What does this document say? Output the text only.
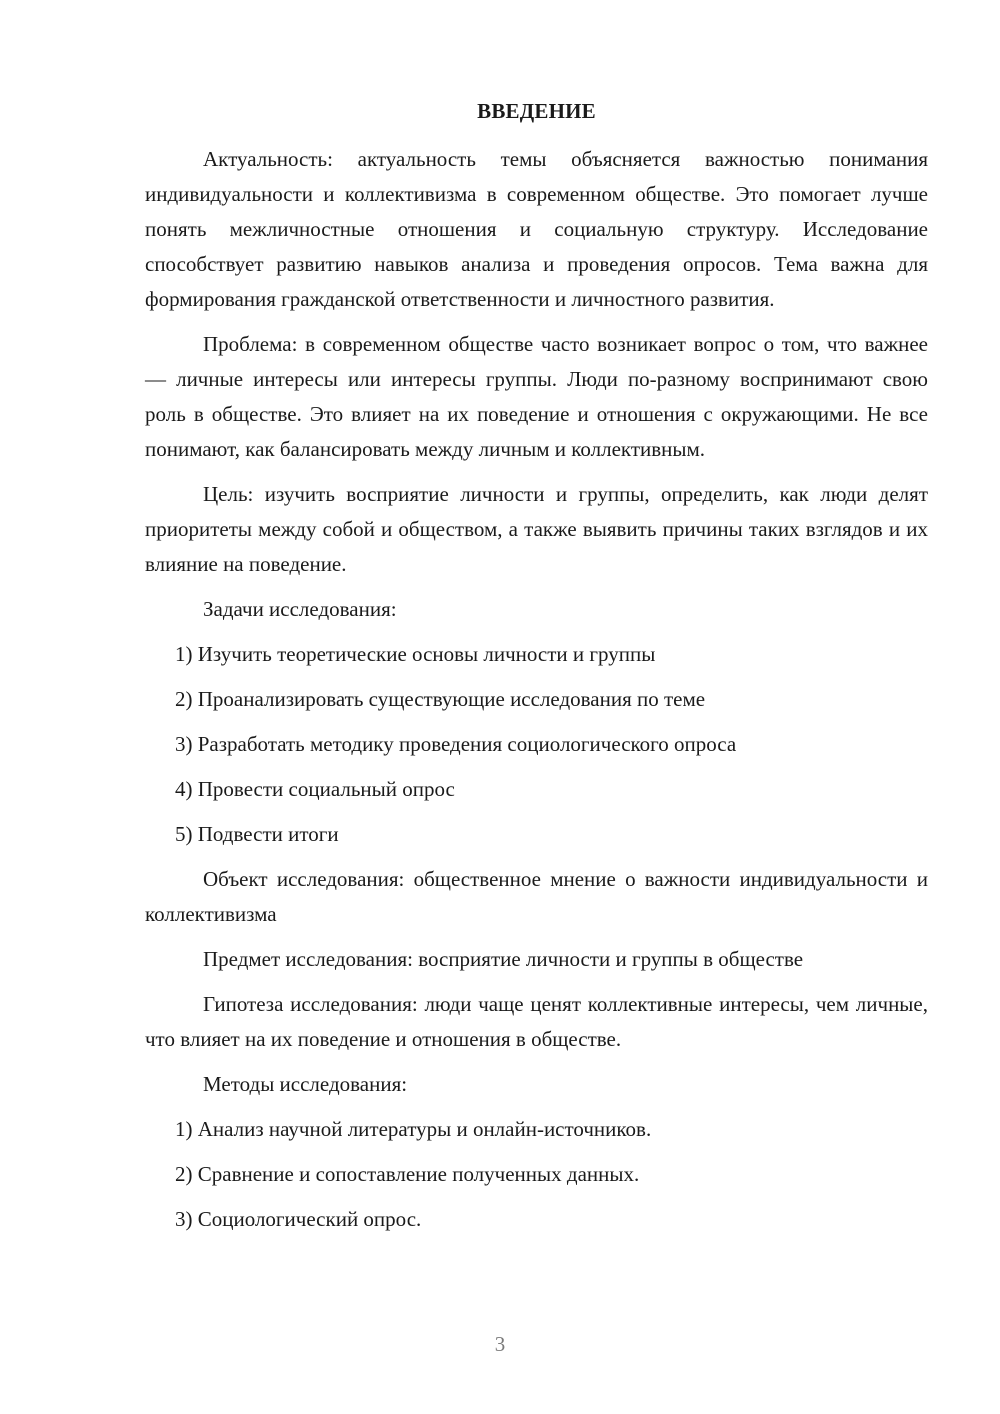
ВВЕДЕНИЕ

Актуальность: актуальность темы объясняется важностью понимания индивидуальности и коллективизма в современном обществе. Это помогает лучше понять межличностные отношения и социальную структуру. Исследование способствует развитию навыков анализа и проведения опросов. Тема важна для формирования гражданской ответственности и личностного развития.

Проблема: в современном обществе часто возникает вопрос о том, что важнее — личные интересы или интересы группы. Люди по-разному воспринимают свою роль в обществе. Это влияет на их поведение и отношения с окружающими. Не все понимают, как балансировать между личным и коллективным.

Цель: изучить восприятие личности и группы, определить, как люди делят приоритеты между собой и обществом, а также выявить причины таких взглядов и их влияние на поведение.

Задачи исследования:

1) Изучить теоретические основы личности и группы
2) Проанализировать существующие исследования по теме
3) Разработать методику проведения социологического опроса
4) Провести социальный опрос
5) Подвести итоги

Объект исследования: общественное мнение о важности индивидуальности и коллективизма

Предмет исследования: восприятие личности и группы в обществе

Гипотеза исследования: люди чаще ценят коллективные интересы, чем личные, что влияет на их поведение и отношения в обществе.

Методы исследования:

1) Анализ научной литературы и онлайн-источников.
2) Сравнение и сопоставление полученных данных.
3) Социологический опрос.
3
